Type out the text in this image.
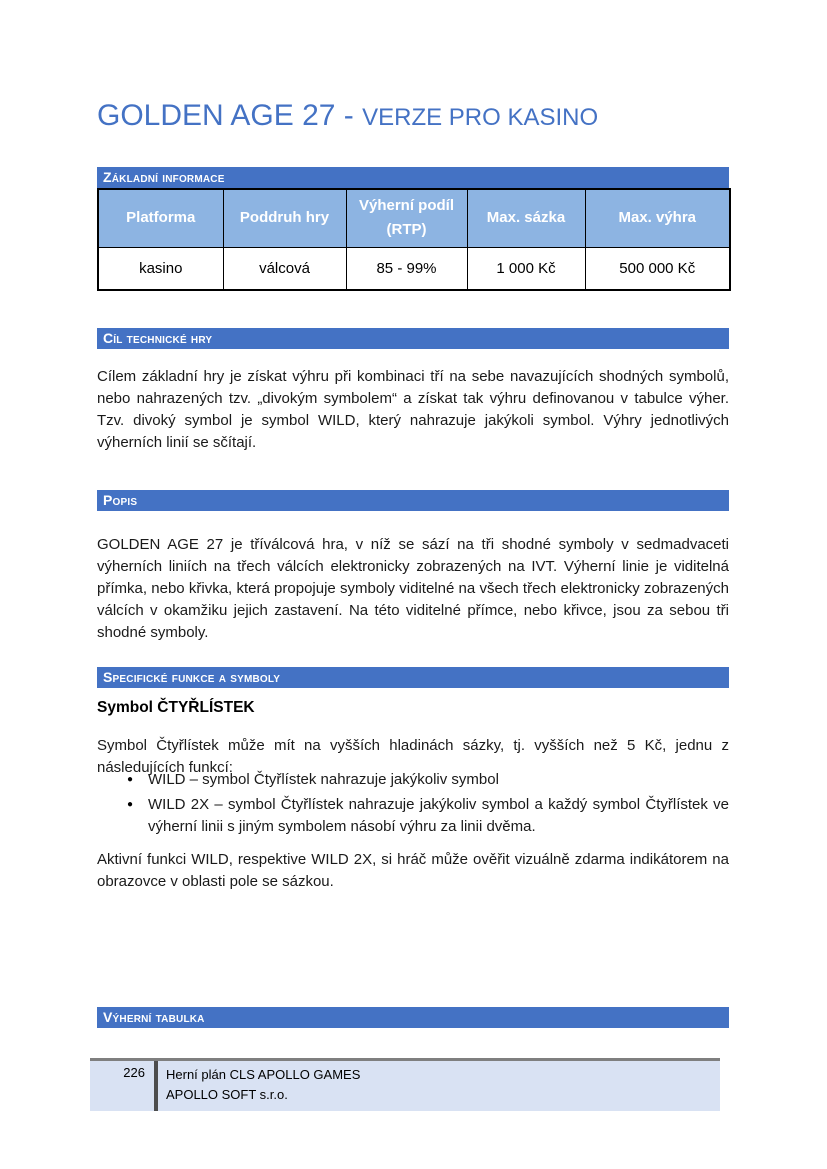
GOLDEN AGE 27 - VERZE PRO KASINO
Základní informace
Platforma	Poddruh hry	Výherní podíl (RTP)	Max. sázka	Max. výhra
kasino	válcová	85 - 99%	1 000 Kč	500 000 Kč
Cíl technické hry

Cílem základní hry je získat výhru při kombinaci tří na sebe navazujících shodných symbolů, nebo nahrazených tzv. „divokým symbolem“ a získat tak výhru definovanou v tabulce výher. Tzv. divoký symbol je symbol WILD, který nahrazuje jakýkoli symbol. Výhry jednotlivých výherních linií se sčítají.

Popis

GOLDEN AGE 27 je tříválcová hra, v níž se sází na tři shodné symboly v sedmadvaceti výherních liniích na třech válcích elektronicky zobrazených na IVT. Výherní linie je viditelná přímka, nebo křivka, která propojuje symboly viditelné na všech třech elektronicky zobrazených válcích v okamžiku jejich zastavení. Na této viditelné přímce, nebo křivce, jsou za sebou tři shodné symboly.

Specifické funkce a symboly
Symbol ČTYŘLÍSTEK

Symbol Čtyřlístek může mít na vyšších hladinách sázky, tj. vyšších než 5 Kč, jednu z následujících funkcí:

● WILD – symbol Čtyřlístek nahrazuje jakýkoliv symbol
● WILD 2X – symbol Čtyřlístek nahrazuje jakýkoliv symbol a každý symbol Čtyřlístek ve výherní linii s jiným symbolem násobí výhru za linii dvěma.

Aktivní funkci WILD, respektive WILD 2X, si hráč může ověřit vizuálně zdarma indikátorem na obrazovce v oblasti pole se sázkou.

Výherní tabulka
226	Herní plán CLS APOLLO GAMES
APOLLO SOFT s.r.o.
